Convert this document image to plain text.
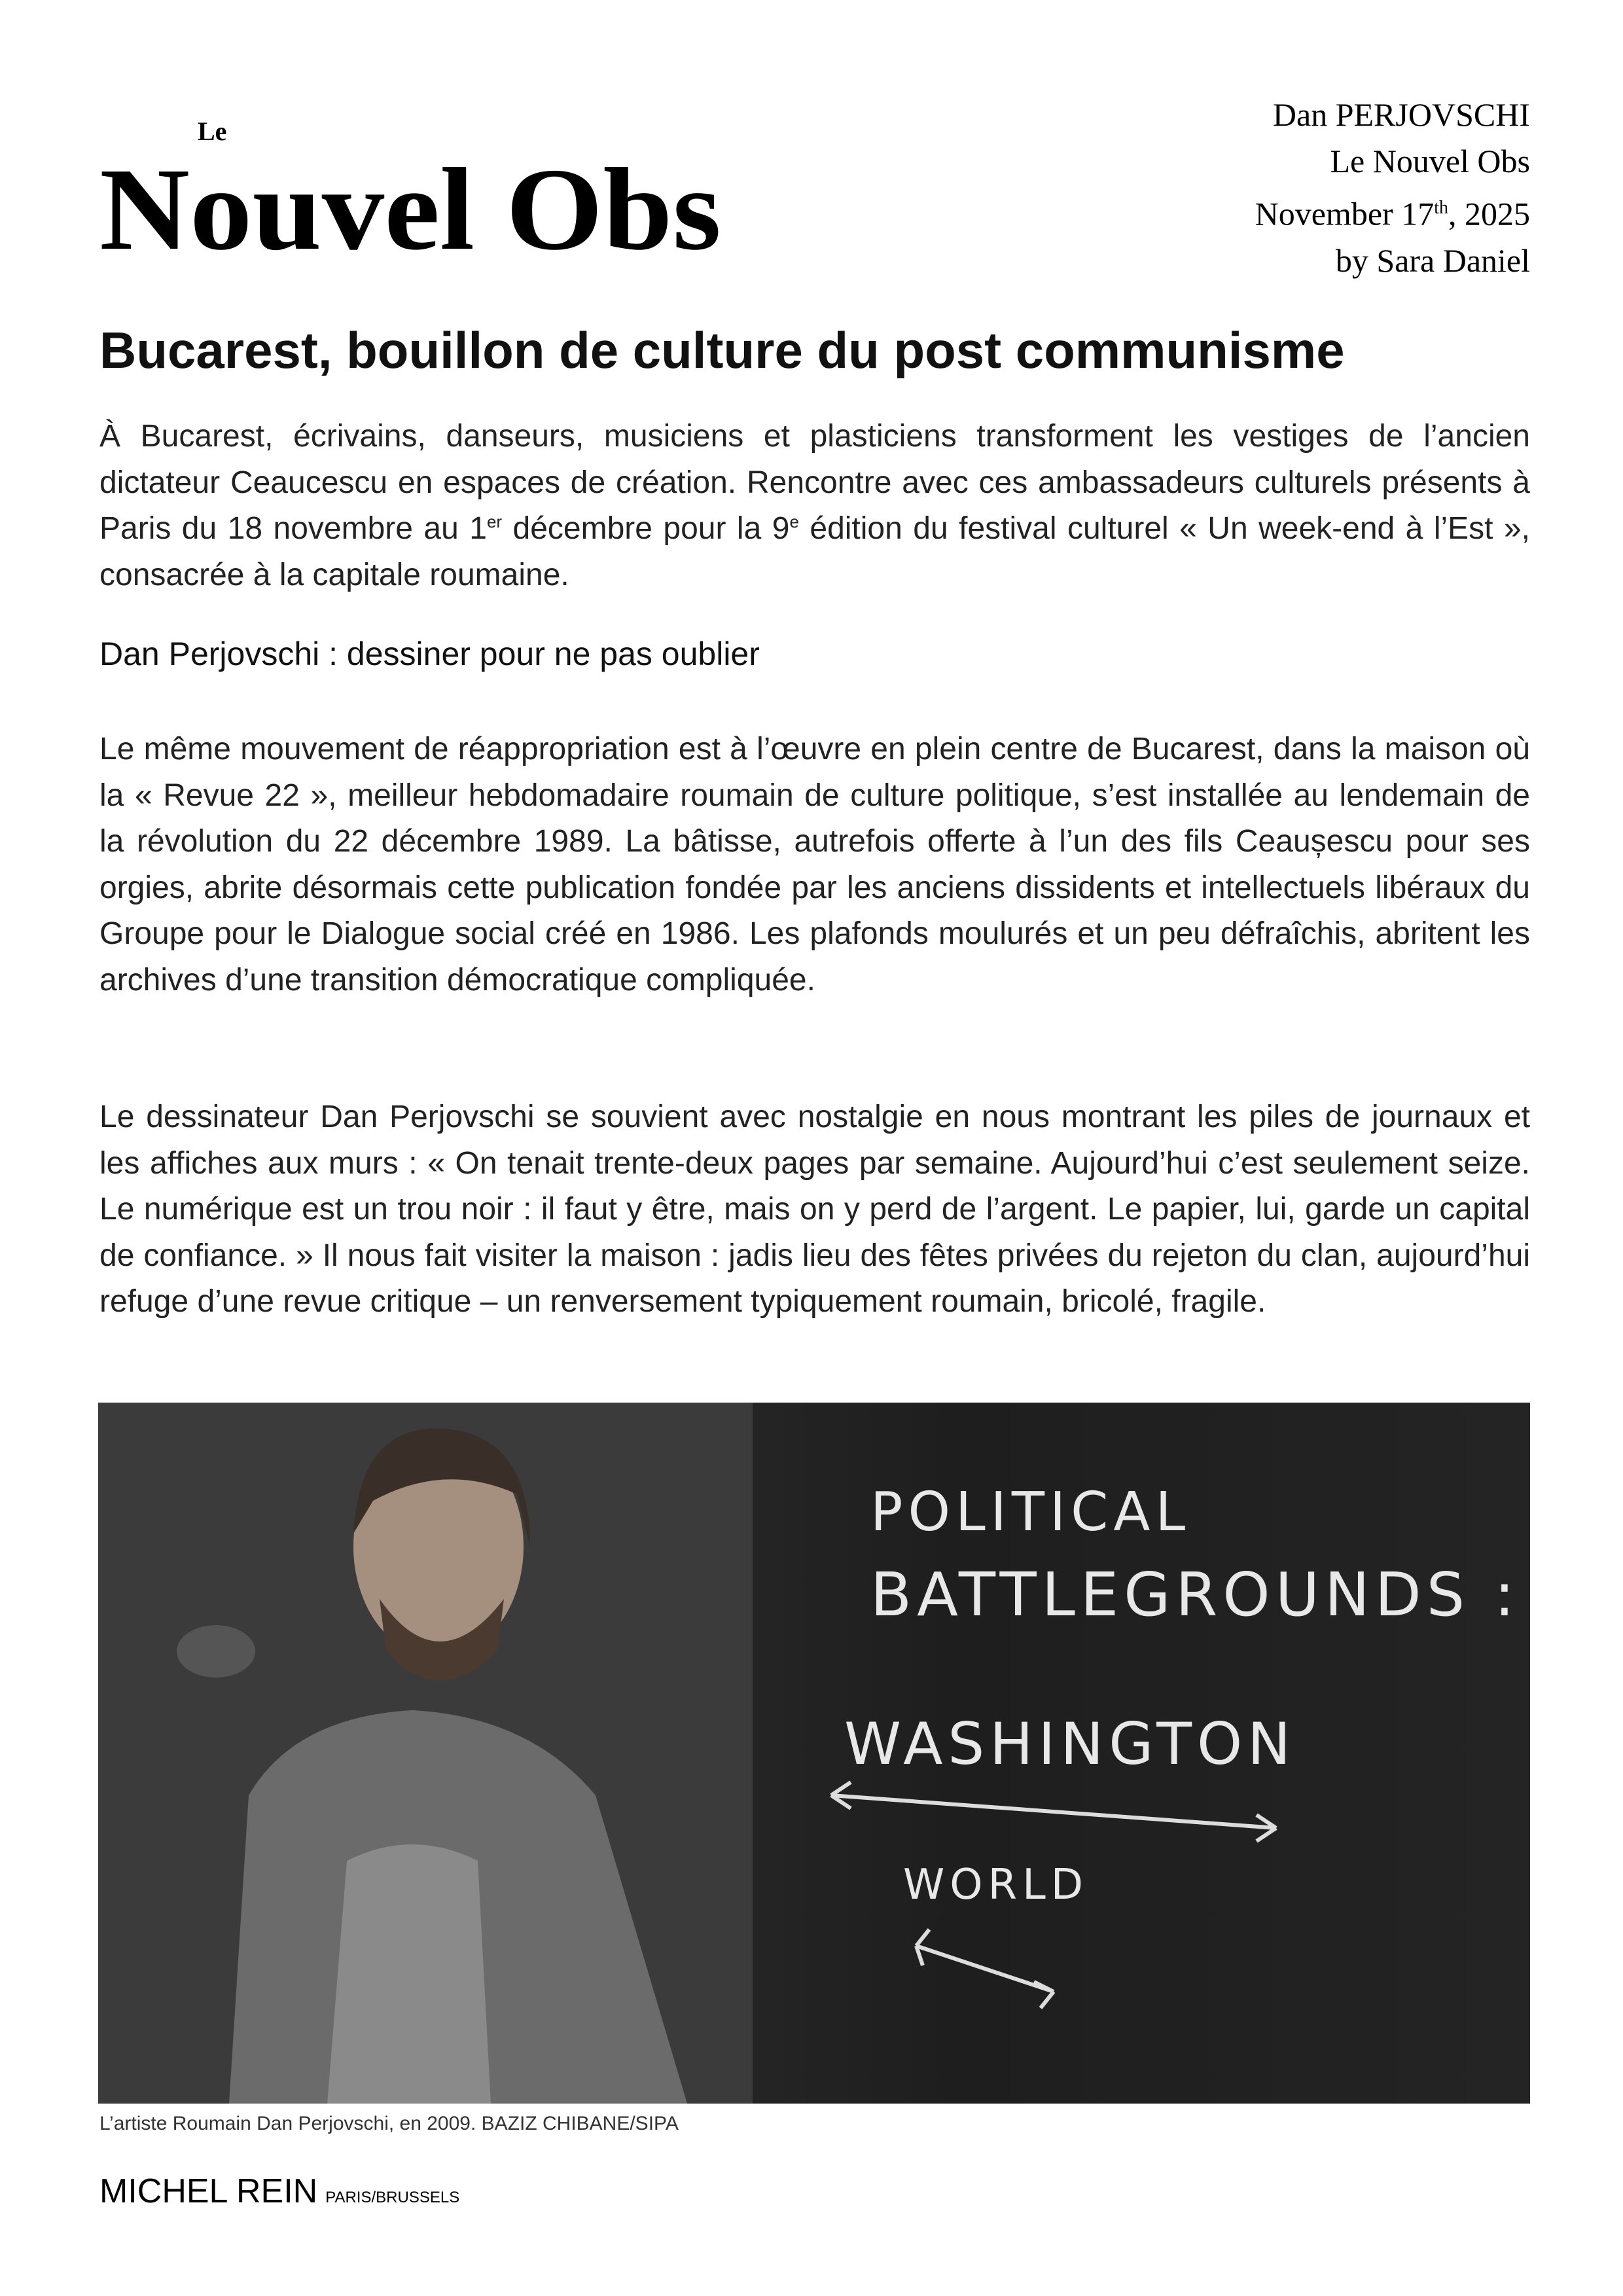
Le
Nouvel Obs
Dan PERJOVSCHI
Le Nouvel Obs
November 17th, 2025
by Sara Daniel
Bucarest, bouillon de culture du post communisme
À Bucarest, écrivains, danseurs, musiciens et plasticiens transforment les vestiges de l’ancien dictateur Ceaucescu en espaces de création. Rencontre avec ces ambassadeurs culturels présents à Paris du 18 novembre au 1er décembre pour la 9e édition du festival culturel « Un week-end à l’Est », consacrée à la capitale roumaine.
Dan Perjovschi : dessiner pour ne pas oublier
Le même mouvement de réappropriation est à l’œuvre en plein centre de Bucarest, dans la maison où la « Revue 22 », meilleur hebdomadaire roumain de culture politique, s’est installée au lendemain de la révolution du 22 décembre 1989. La bâtisse, autrefois offerte à l’un des fils Ceaușescu pour ses orgies, abrite désormais cette publication fondée par les anciens dissidents et intellectuels libéraux du Groupe pour le Dialogue social créé en 1986. Les plafonds moulurés et un peu défraîchis, abritent les archives d’une transition démocratique compliquée.
Le dessinateur Dan Perjovschi se souvient avec nostalgie en nous montrant les piles de journaux et les affiches aux murs : « On tenait trente-deux pages par semaine. Aujourd’hui c’est seulement seize. Le numérique est un trou noir : il faut y être, mais on y perd de l’argent. Le papier, lui, garde un capital de confiance. » Il nous fait visiter la maison : jadis lieu des fêtes privées du rejeton du clan, aujourd’hui refuge d’une revue critique – un renversement typiquement roumain, bricolé, fragile.
POLITICAL
BATTLEGROUNDS :
WASHINGTON
WORLD
L’artiste Roumain Dan Perjovschi, en 2009. BAZIZ CHIBANE/SIPA
MICHEL REIN PARIS/BRUSSELS
